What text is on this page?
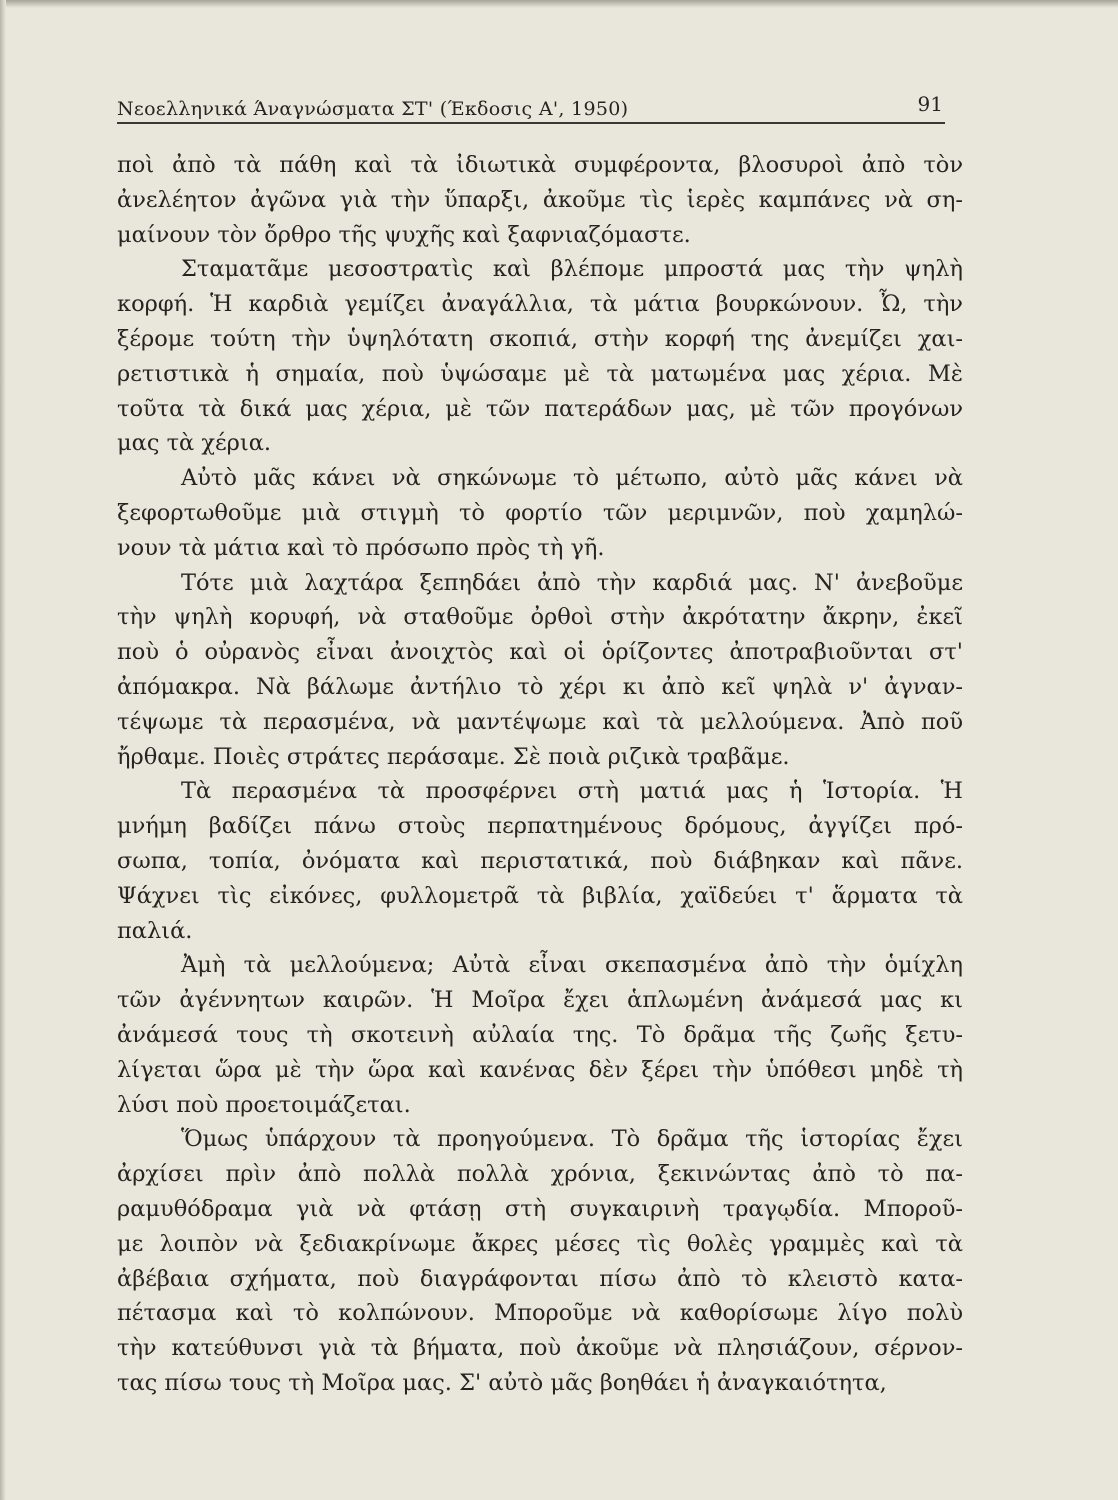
Νεοελληνικά Άναγνώσματα ΣΤ' (Έκδοσις Α', 1950)	91
ποὶ ἀπὸ τὰ πάθη καὶ τὰ ἰδιωτικὰ συμφέροντα, βλοσυροὶ ἀπὸ τὸν
ἀνελέητον ἀγῶνα γιὰ τὴν ὕπαρξι, ἀκοῦμε τὶς ἱερὲς καμπάνες νὰ ση-
μαίνουν τὸν ὄρθρο τῆς ψυχῆς καὶ ξαφνιαζόμαστε.
Σταματᾶμε μεσοστρατὶς καὶ βλέπομε μπροστά μας τὴν ψηλὴ
κορφή. Ἡ καρδιὰ γεμίζει ἀναγάλλια, τὰ μάτια βουρκώνουν. Ὦ, τὴν
ξέρομε τούτη τὴν ὑψηλότατη σκοπιά, στὴν κορφή της ἀνεμίζει χαι-
ρετιστικὰ ἡ σημαία, ποὺ ὑψώσαμε μὲ τὰ ματωμένα μας χέρια. Μὲ
τοῦτα τὰ δικά μας χέρια, μὲ τῶν πατεράδων μας, μὲ τῶν προγόνων
μας τὰ χέρια.
Αὐτὸ μᾶς κάνει νὰ σηκώνωμε τὸ μέτωπο, αὐτὸ μᾶς κάνει νὰ
ξεφορτωθοῦμε μιὰ στιγμὴ τὸ φορτίο τῶν μεριμνῶν, ποὺ χαμηλώ-
νουν τὰ μάτια καὶ τὸ πρόσωπο πρὸς τὴ γῆ.
Τότε μιὰ λαχτάρα ξεπηδάει ἀπὸ τὴν καρδιά μας. Ν' ἀνεβοῦμε
τὴν ψηλὴ κορυφή, νὰ σταθοῦμε ὀρθοὶ στὴν ἀκρότατην ἄκρην, ἐκεῖ
ποὺ ὁ οὐρανὸς εἶναι ἀνοιχτὸς καὶ οἱ ὁρίζοντες ἀποτραβιοῦνται στ'
ἀπόμακρα. Νὰ βάλωμε ἀντήλιο τὸ χέρι κι ἀπὸ κεῖ ψηλὰ ν' ἀγναν-
τέψωμε τὰ περασμένα, νὰ μαντέψωμε καὶ τὰ μελλούμενα. Ἀπὸ ποῦ
ἤρθαμε. Ποιὲς στράτες περάσαμε. Σὲ ποιὰ ριζικὰ τραβᾶμε.
Τὰ περασμένα τὰ προσφέρνει στὴ ματιά μας ἡ Ἱστορία. Ἡ
μνήμη βαδίζει πάνω στοὺς περπατημένους δρόμους, ἀγγίζει πρό-
σωπα, τοπία, ὀνόματα καὶ περιστατικά, ποὺ διάβηκαν καὶ πᾶνε.
Ψάχνει τὶς εἰκόνες, φυλλομετρᾶ τὰ βιβλία, χαϊδεύει τ' ἅρματα τὰ
παλιά.
Ἀμὴ τὰ μελλούμενα; Αὐτὰ εἶναι σκεπασμένα ἀπὸ τὴν ὁμίχλη
τῶν ἀγέννητων καιρῶν. Ἡ Μοῖρα ἔχει ἁπλωμένη ἀνάμεσά μας κι
ἀνάμεσά τους τὴ σκοτεινὴ αὐλαία της. Τὸ δρᾶμα τῆς ζωῆς ξετυ-
λίγεται ὥρα μὲ τὴν ὥρα καὶ κανένας δὲν ξέρει τὴν ὑπόθεσι μηδὲ τὴ
λύσι ποὺ προετοιμάζεται.
Ὅμως ὑπάρχουν τὰ προηγούμενα. Τὸ δρᾶμα τῆς ἱστορίας ἔχει
ἀρχίσει πρὶν ἀπὸ πολλὰ πολλὰ χρόνια, ξεκινώντας ἀπὸ τὸ πα-
ραμυθόδραμα γιὰ νὰ φτάσῃ στὴ συγκαιρινὴ τραγῳδία. Μποροῦ-
με λοιπὸν νὰ ξεδιακρίνωμε ἄκρες μέσες τὶς θολὲς γραμμὲς καὶ τὰ
ἀβέβαια σχήματα, ποὺ διαγράφονται πίσω ἀπὸ τὸ κλειστὸ κατα-
πέτασμα καὶ τὸ κολπώνουν. Μποροῦμε νὰ καθορίσωμε λίγο πολὺ
τὴν κατεύθυνσι γιὰ τὰ βήματα, ποὺ ἀκοῦμε νὰ πλησιάζουν, σέρνον-
τας πίσω τους τὴ Μοῖρα μας. Σ' αὐτὸ μᾶς βοηθάει ἡ ἀναγκαιότητα,
